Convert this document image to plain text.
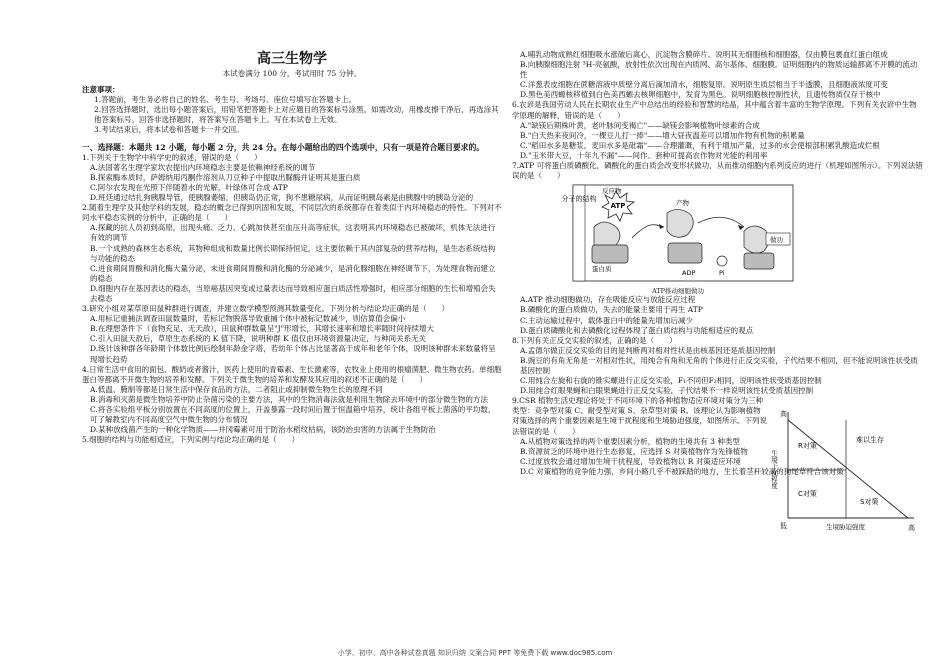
高三生物学
本试卷满分 100 分，考试用时 75 分钟。
注意事项：
1.答题前，考生务必将自己的姓名、考生号、考场号、座位号填写在答题卡上。
2.回答选择题时，选出每小题答案后，用铅笔把答题卡上对应题目的答案标号涂黑。如需改动，用橡皮擦干净后，再选涂其他答案标号。回答非选择题时，将答案写在答题卡上。写在本试卷上无效。
3.考试结束后，将本试卷和答题卡一并交回。
一、选择题：本题共 12 小题，每小题 2 分，共 24 分。在每小题给出的四个选项中，只有一项是符合题目要求的。
1.下列关于生物学中科学史的叙述，错误的是（　　）
A.法国著名生理学家坎农提出内环境稳态主要是依赖神经系统的调节
B.探索酶本质时，萨姆纳用丙酮作溶剂从刀豆种子中提取出脲酶并证明其是蛋白质
C.阿尔农发现在光照下伴随着水的光解，叶绿体可合成 ATP
D.班廷通过结扎狗胰腺导管，使胰腺萎缩，但胰岛仍正常，狗不患糖尿病，从而证明胰岛素是由胰腺中的胰岛分泌的
2.随着生理学及其他学科的发展，稳态的概念已得到巩固和发展，不同层次的系统都存在着类似于内环境稳态的特性。下列对不同水平稳态实例的分析中，正确的是（　　）
A.探藏的抗人员初到高原，出现头痛、乏力、心跳加快甚至血压升高等症状，这表明其内环境稳态已被破坏，机体无法进行有效的调节
B.一个成熟的森林生态系统，其物种组成和数量比例长期保持恒定，这主要依赖于其内部复杂的营养结构，是生态系统结构与功能的稳态
C.进食期间胃酸和消化酶大量分泌，未进食期间胃酸和消化酶的分泌减少，是消化腺细胞在神经调节下，为处理食物而建立的稳态
D.细胞内存在基因表达的稳态，当原癌基因突变或过量表达而导致相应蛋白质活性增强时，相应部分细胞的生长和增殖会失去稳态
3.研究小组对某草原田鼠种群进行调查，并建立数学模型预测其数量变化。下列分析与结论均正确的是（　　）
A.用标记重捕法调查田鼠数量时，若标记物脱落导致重捕个体中被标记数减少，则估算值会偏小
B.在理想条件下（食物充足、无天敌），田鼠种群数量呈"J"形增长，其增长速率和增长率随时间持续增大
C.引入田鼠天敌后，草原生态系统的 K 值下降，说明种群 K 值仅由环境资源量决定，与种间关系无关
D.统计该种群各年龄期个体数比例后绘制年龄金字塔，若幼年个体占比显著高于成年和老年个体，说明该种群未来数量将呈现增长趋势
4.日常生活中食用的面包、酸奶或者酱汁，医药上使用的青霉素、生长激素等，农牧业上使用的根瘤菌肥、微生物农药、单细胞蛋白等都离不开微生物的培养和发酵。下列关于微生物的培养和发酵及其应用的叙述不正确的是（　　）
A.低温、腌制等都是日常生活中保存食品的方法，二者阻止或抑制微生物生长的原理不同
B.消毒和灭菌是微生物培养中防止杂菌污染的主要方法，其中的生物消毒法就是利用生物除去环境中的部分微生物的方法
C.将各实验组平板分别放置在不同高度的位置上，开盖暴露一段时间后置于恒温箱中培养，统计各组平板上菌落的平均数，可了解教室内不同高度空气中微生物的分布情况
D.某种放线菌产生的一种化学物质——井冈霉素可用于防治水稻纹枯病，该防治虫害的方法属于生物防治
5.细胞的结构与功能相适应，下列实例与结论均正确的是（　　）
A.哺乳动物成熟红细胞吸水涨破后离心，沉淀物含膜碎片。说明其无细胞核和细胞器，仅由膜包裹血红蛋白组成
B.向胰腺细胞注射 ³H-亮氨酸，放射性依次出现在内质网、高尔基体、细胞膜。证明细胞内的物质运输都离不开膜的流动性
C.洋葱表皮细胞在蔗糖溶液中质壁分离后滴加清水，细胞复原。说明原生质层相当于半透膜，且细胞液浓度可变
D.黑色美西螈核移植到白色美西螈去核卵细胞中，发育为黑色。说明细胞核控制性状，且遗传物质仅存于核中
6.农谚是我国劳动人民在长期农业生产中总结出的经验和智慧的结晶，其中蕴含着丰富的生物学原理。下列有关农谚中生物学原理的解释，错误的是（　　）
A."缺镁后期株叶黄，老叶脉间变褐亡"——缺镁会影响植物叶绿素的合成
B."白天热来夜间冷，一棵豆儿打一捧"——增大昼夜温差可以增加作物有机物的积累量
C."稻田水多是糖浆，麦田水多是砒霜"——合理灌溉，有利于增加产量，过多的水会使根部积累乳酸造成烂根
D."玉米带大豆，十年九不漏"——间作、套种可提高农作物对光能的利用率
7.ATP 可将蛋白质磷酸化，磷酸化的蛋白质会改变形状做功，从而推动细胞内系列反应的进行（机理如图所示）。下列说法错误的是（　　）
分子的结构
ATP
反应物
蛋白质
产物
ADP	Pi
做功
ATP推动细胞做功
A.ATP 推动细胞做功，存在吸能反应与放能反应过程
B.磷酸化的蛋白质做功，失去的能量主要用于再生 ATP
C.主动运输过程中，载体蛋白中的能量先增加后减少
D.蛋白质磷酸化和去磷酸化过程体现了蛋白质结构与功能相适应的观点
8.下列有关正反交实验的叙述，正确的是（　　）
A.孟德尔做正反交实验的目的是判断两对相对性状是由核基因还是质基因控制
B.豌豆的有角无角是一对相对性状，用纯合有角和无角的个体进行正反交实验，子代结果不相同，但不能说明该性状受质基因控制
C.用纯合左旋和右旋的锥实螺进行正反交实验，F₁不同但F₂相同，说明该性状受质基因控制
D.用纯合红眼果蝇和白眼果蝇进行正反交实验，子代结果不一样说明该性状受质基因控制
9.CSR 植物生活史理论将处于不同环境下的各种植物适应环境对策分为三种类型：竞争型对策 C、耐受型对策 S、杂草型对策 R。该理论认为影响植物对策选择的两个重要因素是生境干扰程度和生境胁迫强度，如图所示。下列说法错误的是（　　）
A.从植物对策选择的两个重要因素分析，植物的生境共有 3 种类型
B.资源贫乏的环境中进行生态修复，应选择 S 对策植物作为先锋植物
C.过度放牧会通过增加生境干扰程度，导致植物以 R 对策适应环境
D.C 对策植物的竞争能力强，乡间小路几乎不被踩踏的地方，生长着茎秆较高的狗尾草符合该对策
高
高
低
生境干扰程度
生境胁迫强度
R对策
难以生存
C对策
S对策
小学、初中、高中各种试卷真题 知识归纳 文案合同 PPT 等免费下载 www.doc985.com
